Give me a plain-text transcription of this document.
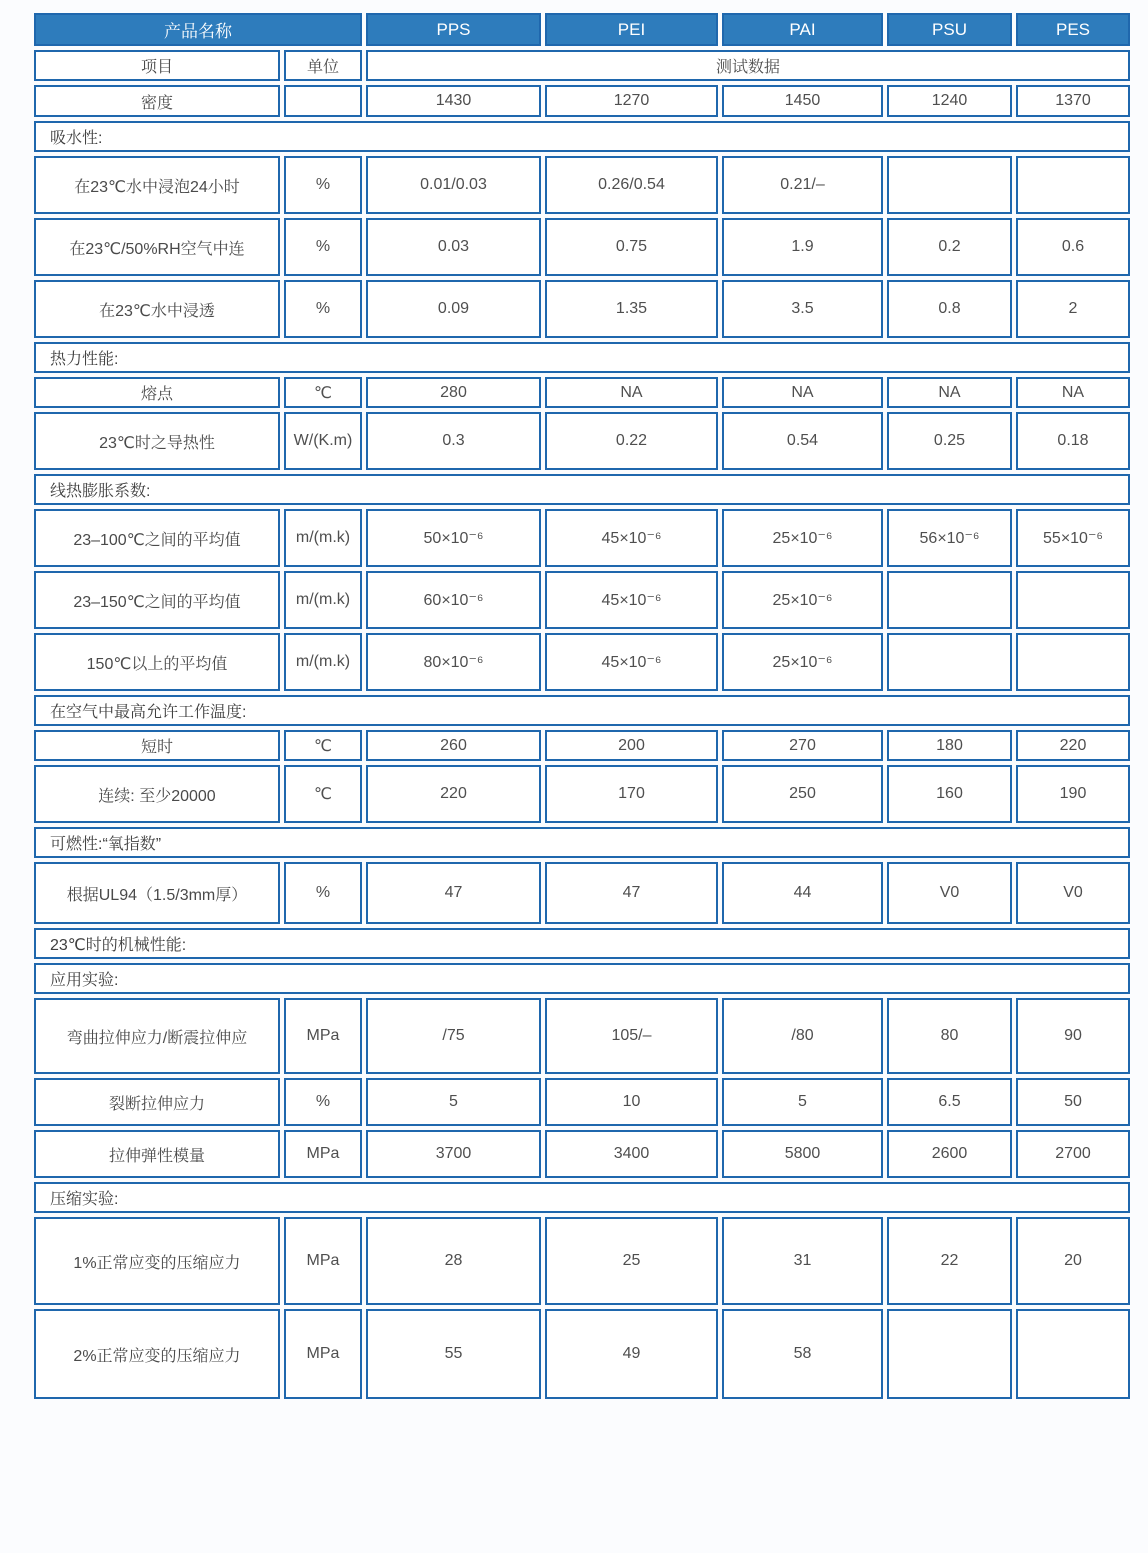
产品名称		PPS	PEI	PAI	PSU	PES
项目	单位	测试数据				
密度		1430	1270	1450	1240	1370
吸水性:						
在23℃水中浸泡24小时	%	0.01/0.03	0.26/0.54	0.21/–		
在23℃/50%RH空气中连	%	0.03	0.75	1.9	0.2	0.6
在23℃水中浸透	%	0.09	1.35	3.5	0.8	2
热力性能:						
熔点	℃	280	NA	NA	NA	NA
23℃时之导热性	W/(K.m)	0.3	0.22	0.54	0.25	0.18
线热膨胀系数:						
23–100℃之间的平均值	m/(m.k)	50×10⁻⁶	45×10⁻⁶	25×10⁻⁶	56×10⁻⁶	55×10⁻⁶
23–150℃之间的平均值	m/(m.k)	60×10⁻⁶	45×10⁻⁶	25×10⁻⁶		
150℃以上的平均值	m/(m.k)	80×10⁻⁶	45×10⁻⁶	25×10⁻⁶		
在空气中最高允许工作温度:						
短时	℃	260	200	270	180	220
连续: 至少20000	℃	220	170	250	160	190
可燃性:“氧指数”						
根据UL94（1.5/3mm厚）	%	47	47	44	V0	V0
23℃时的机械性能:						
应用实验:						
弯曲拉伸应力/断震拉伸应	MPa	/75	105/–	/80	80	90
裂断拉伸应力	%	5	10	5	6.5	50
拉伸弹性模量	MPa	3700	3400	5800	2600	2700
压缩实验:						
1%正常应变的压缩应力	MPa	28	25	31	22	20
2%正常应变的压缩应力	MPa	55	49	58		
